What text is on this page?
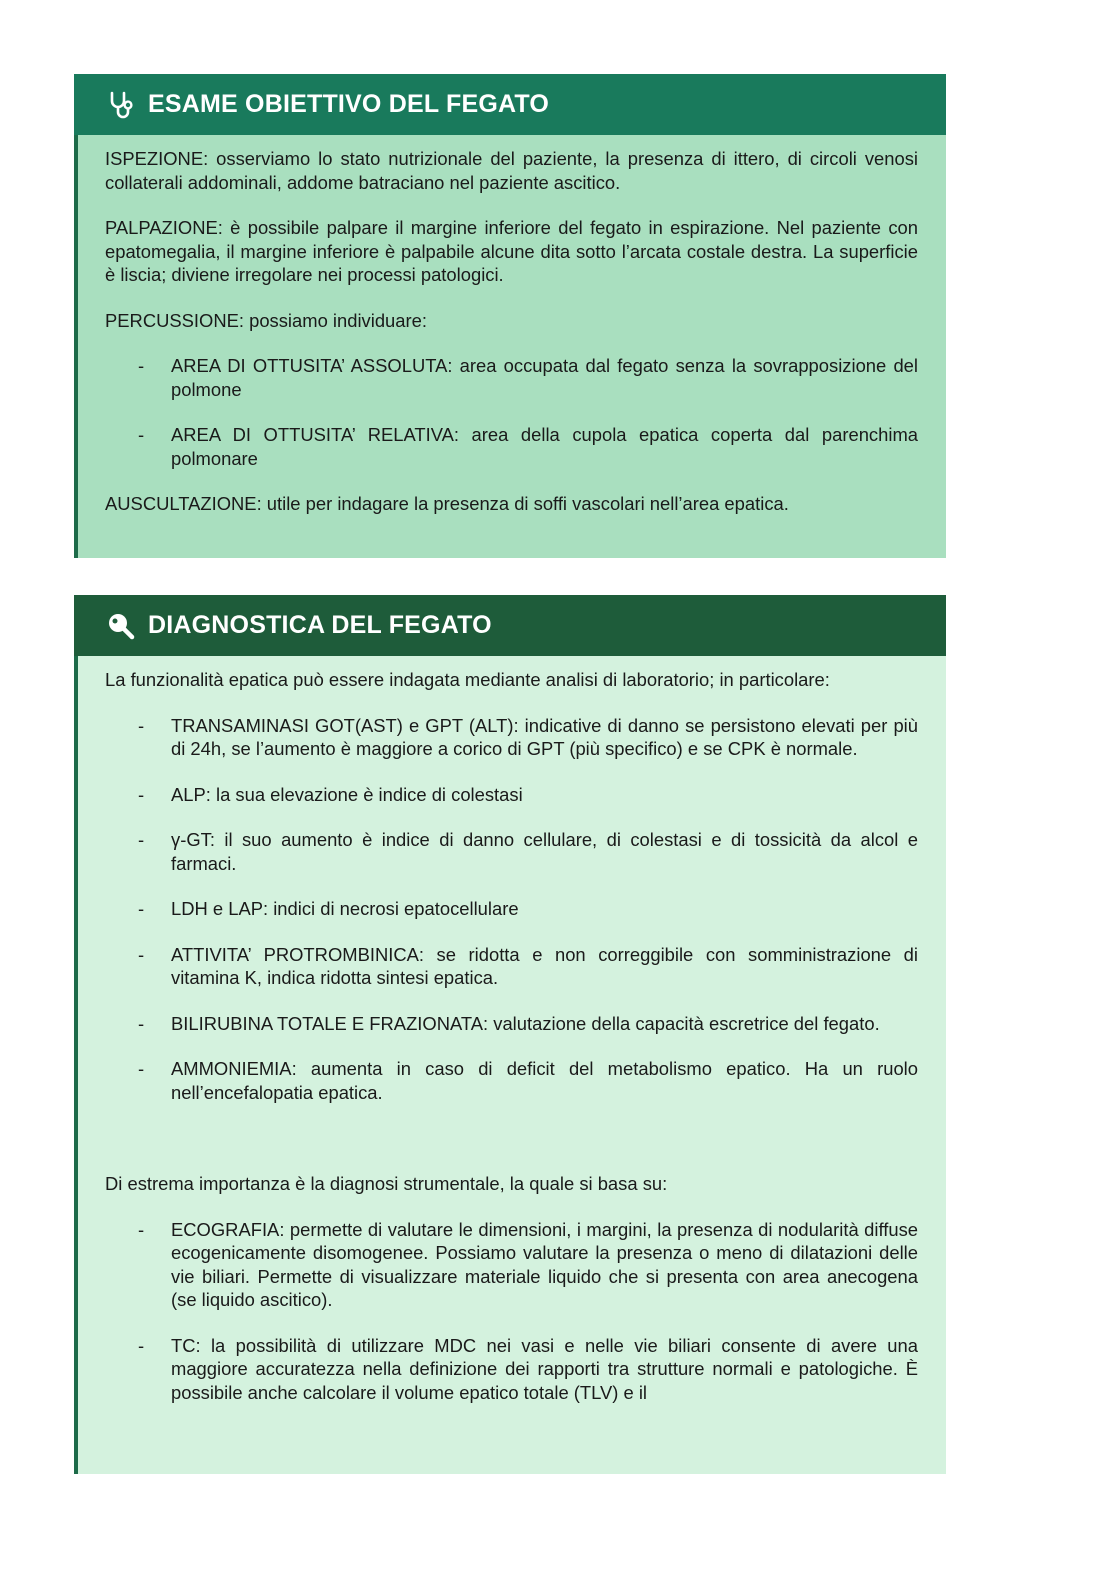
ESAME OBIETTIVO DEL FEGATO

ISPEZIONE: osserviamo lo stato nutrizionale del paziente, la presenza di ittero, di circoli venosi collaterali addominali, addome batraciano nel paziente ascitico.

PALPAZIONE: è possibile palpare il margine inferiore del fegato in espirazione. Nel paziente con epatomegalia, il margine inferiore è palpabile alcune dita sotto l’arcata costale destra. La superficie è liscia; diviene irregolare nei processi patologici.

PERCUSSIONE: possiamo individuare:

- AREA DI OTTUSITA’ ASSOLUTA: area occupata dal fegato senza la sovrapposizione del polmone
- AREA DI OTTUSITA’ RELATIVA: area della cupola epatica coperta dal parenchima polmonare

AUSCULTAZIONE: utile per indagare la presenza di soffi vascolari nell’area epatica.

DIAGNOSTICA DEL FEGATO

La funzionalità epatica può essere indagata mediante analisi di laboratorio; in particolare:

- TRANSAMINASI GOT(AST) e GPT (ALT): indicative di danno se persistono elevati per più di 24h, se l’aumento è maggiore a corico di GPT (più specifico) e se CPK è normale.
- ALP: la sua elevazione è indice di colestasi
- γ-GT: il suo aumento è indice di danno cellulare, di colestasi e di tossicità da alcol e farmaci.
- LDH e LAP: indici di necrosi epatocellulare
- ATTIVITA’ PROTROMBINICA: se ridotta e non correggibile con somministrazione di vitamina K, indica ridotta sintesi epatica.
- BILIRUBINA TOTALE E FRAZIONATA: valutazione della capacità escretrice del fegato.
- AMMONIEMIA: aumenta in caso di deficit del metabolismo epatico. Ha un ruolo nell’encefalopatia epatica.

Di estrema importanza è la diagnosi strumentale, la quale si basa su:

- ECOGRAFIA: permette di valutare le dimensioni, i margini, la presenza di nodularità diffuse ecogenicamente disomogenee. Possiamo valutare la presenza o meno di dilatazioni delle vie biliari. Permette di visualizzare materiale liquido che si presenta con area anecogena (se liquido ascitico).
- TC: la possibilità di utilizzare MDC nei vasi e nelle vie biliari consente di avere una maggiore accuratezza nella definizione dei rapporti tra strutture normali e patologiche. È possibile anche calcolare il volume epatico totale (TLV) e il
